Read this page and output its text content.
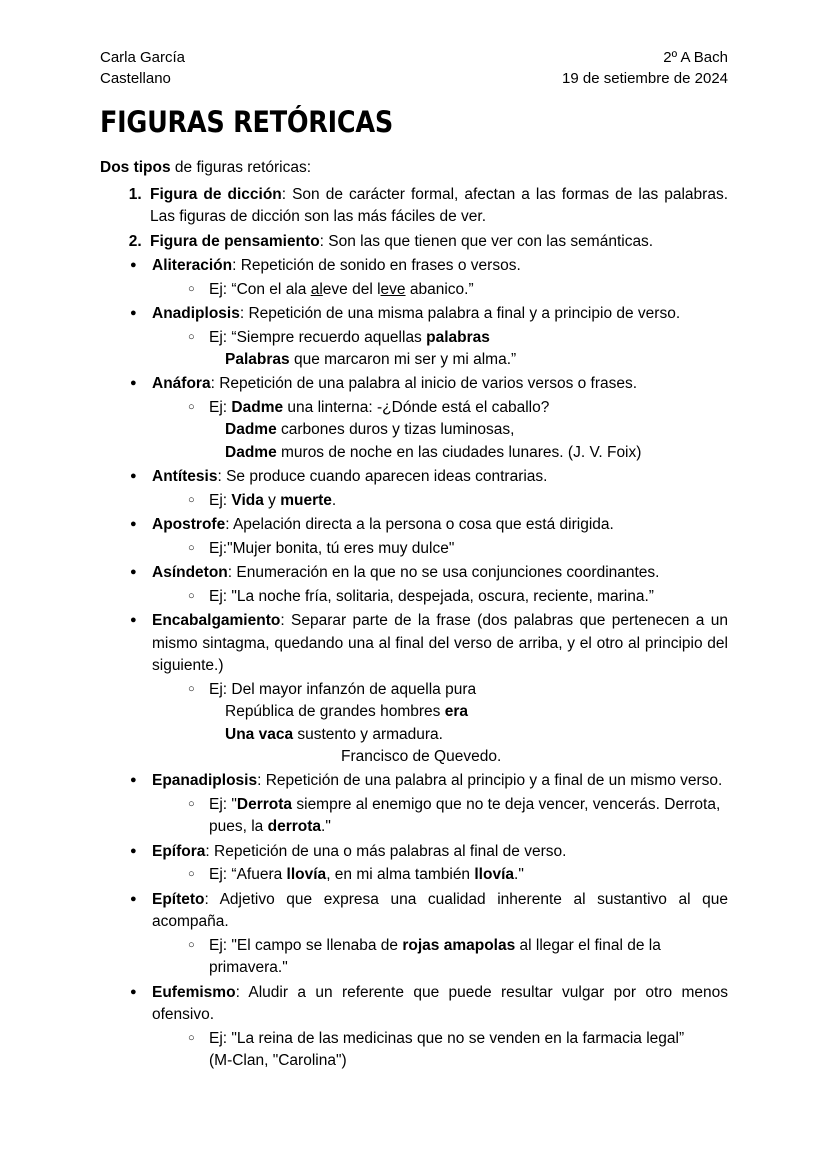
Carla García
Castellano
2º A Bach
19 de setiembre de 2024
FIGURAS RETÓRICAS

Dos tipos de figuras retóricas:

1. Figura de dicción: Son de carácter formal, afectan a las formas de las palabras. Las figuras de dicción son las más fáciles de ver.
2. Figura de pensamiento: Son las que tienen que ver con las semánticas.
● Aliteración: Repetición de sonido en frases o versos.
○ Ej: “Con el ala aleve del leve abanico.”
● Anadiplosis: Repetición de una misma palabra a final y a principio de verso.
○ Ej: “Siempre recuerdo aquellas palabras
Palabras que marcaron mi ser y mi alma.”
● Anáfora: Repetición de una palabra al inicio de varios versos o frases.
○ Ej: Dadme una linterna: -¿Dónde está el caballo?
Dadme carbones duros y tizas luminosas,
Dadme muros de noche en las ciudades lunares. (J. V. Foix)
● Antítesis: Se produce cuando aparecen ideas contrarias.
○ Ej: Vida y muerte.
● Apostrofe: Apelación directa a la persona o cosa que está dirigida.
○ Ej:"Mujer bonita, tú eres muy dulce"
● Asíndeton: Enumeración en la que no se usa conjunciones coordinantes.
○ Ej: "La noche fría, solitaria, despejada, oscura, reciente, marina.”
● Encabalgamiento: Separar parte de la frase (dos palabras que pertenecen a un mismo sintagma, quedando una al final del verso de arriba, y el otro al principio del siguiente.)
○ Ej: Del mayor infanzón de aquella pura
República de grandes hombres era
Una vaca sustento y armadura.
Francisco de Quevedo.
● Epanadiplosis: Repetición de una palabra al principio y a final de un mismo verso.
○ Ej: "Derrota siempre al enemigo que no te deja vencer, vencerás. Derrota, pues, la derrota."
● Epífora: Repetición de una o más palabras al final de verso.
○ Ej: “Afuera llovía, en mi alma también llovía."
● Epíteto: Adjetivo que expresa una cualidad inherente al sustantivo al que acompaña.
○ Ej: "El campo se llenaba de rojas amapolas al llegar el final de la primavera."
● Eufemismo: Aludir a un referente que puede resultar vulgar por otro menos ofensivo.
○ Ej: "La reina de las medicinas que no se venden en la farmacia legal”
(M-Clan, "Carolina")
